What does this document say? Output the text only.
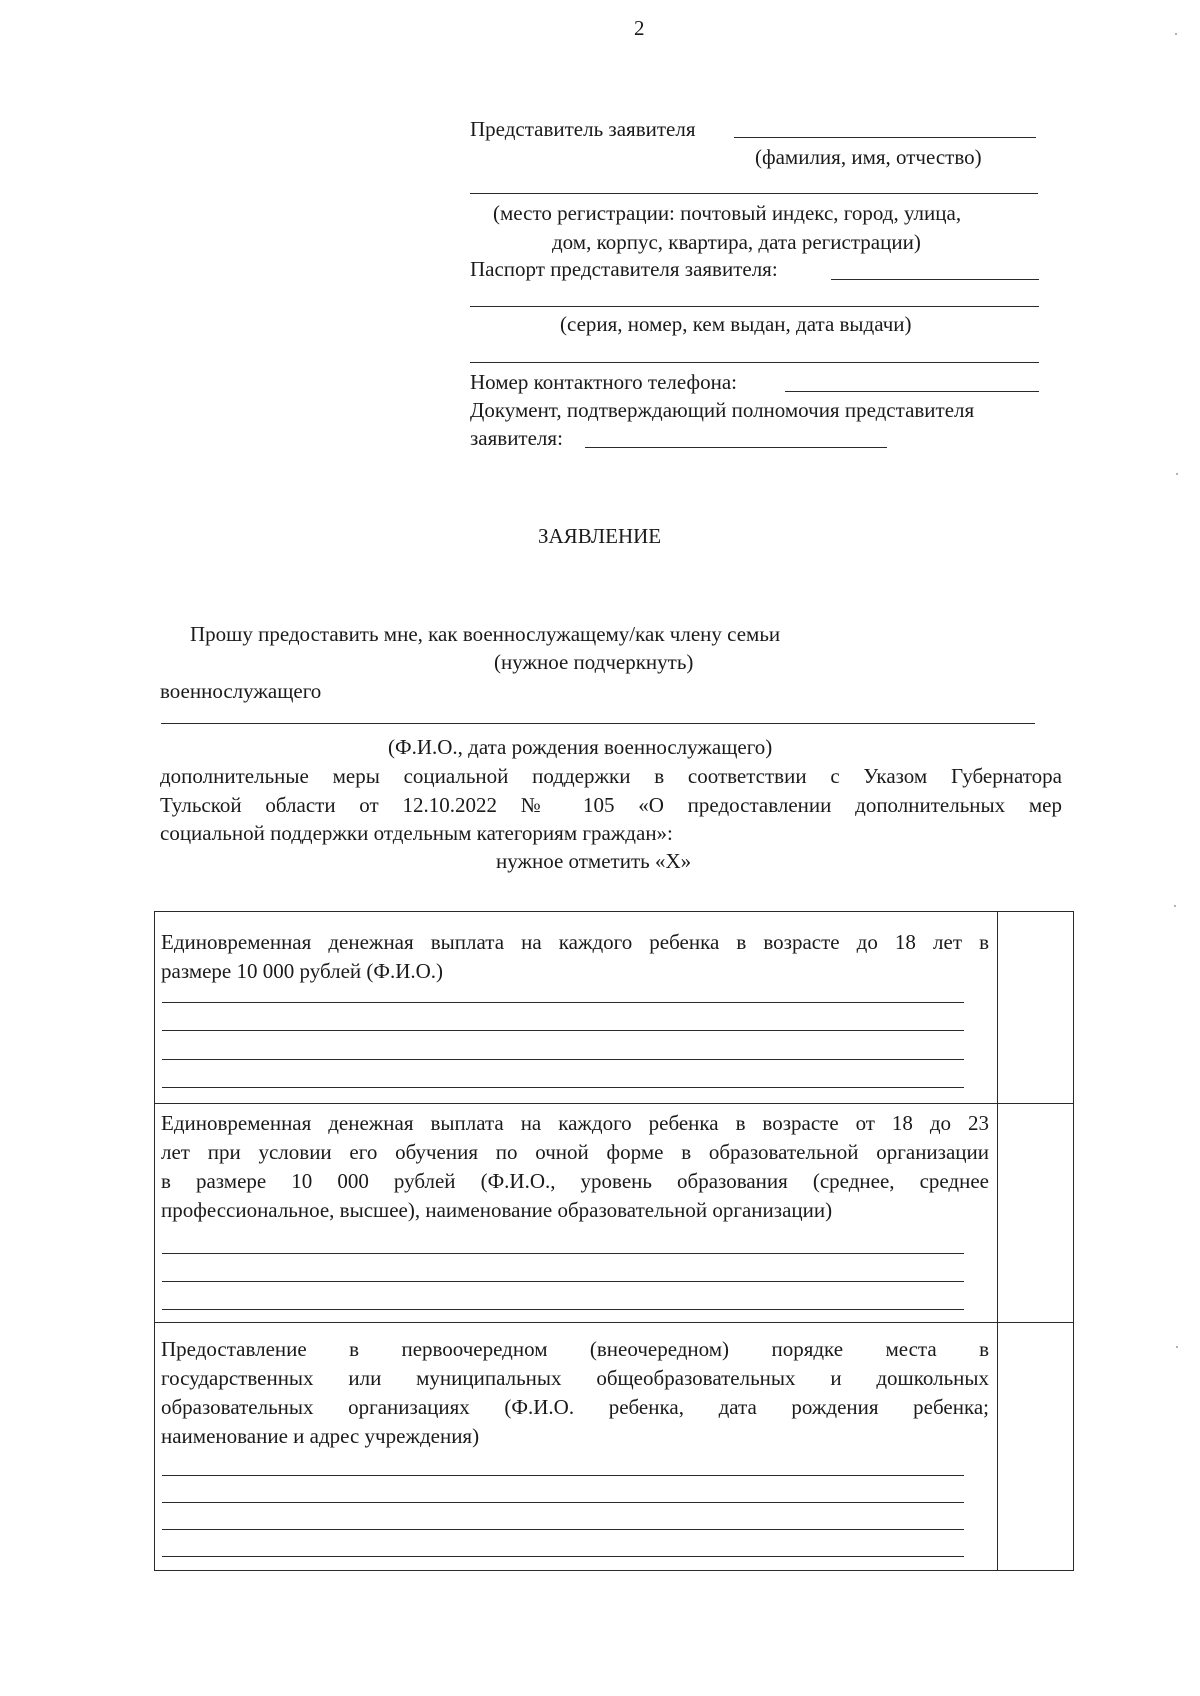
2
Представитель заявителя
(фамилия, имя, отчество)
(место регистрации: почтовый индекс, город, улица,
дом, корпус, квартира, дата регистрации)
Паспорт представителя заявителя:
(серия, номер, кем выдан, дата выдачи)
Номер контактного телефона:
Документ, подтверждающий полномочия представителя
заявителя:
ЗАЯВЛЕНИЕ
Прошу предоставить мне, как военнослужащему/как члену семьи
(нужное подчеркнуть)
военнослужащего
(Ф.И.О., дата рождения военнослужащего)
дополнительные меры социальной поддержки в соответствии с Указом Губернатора
Тульской области от 12.10.2022 № 105 «О предоставлении дополнительных мер
социальной поддержки отдельным категориям граждан»:
нужное отметить «Х»
Единовременная денежная выплата на каждого ребенка в возрасте до 18 лет в
размере 10 000 рублей (Ф.И.О.)
Единовременная денежная выплата на каждого ребенка в возрасте от 18 до 23
лет при условии его обучения по очной форме в образовательной организации
в размере 10 000 рублей (Ф.И.О., уровень образования (среднее, среднее
профессиональное, высшее), наименование образовательной организации)
Предоставление в первоочередном (внеочередном) порядке места в
государственных или муниципальных общеобразовательных и дошкольных
образовательных организациях (Ф.И.О. ребенка, дата рождения ребенка;
наименование и адрес учреждения)
